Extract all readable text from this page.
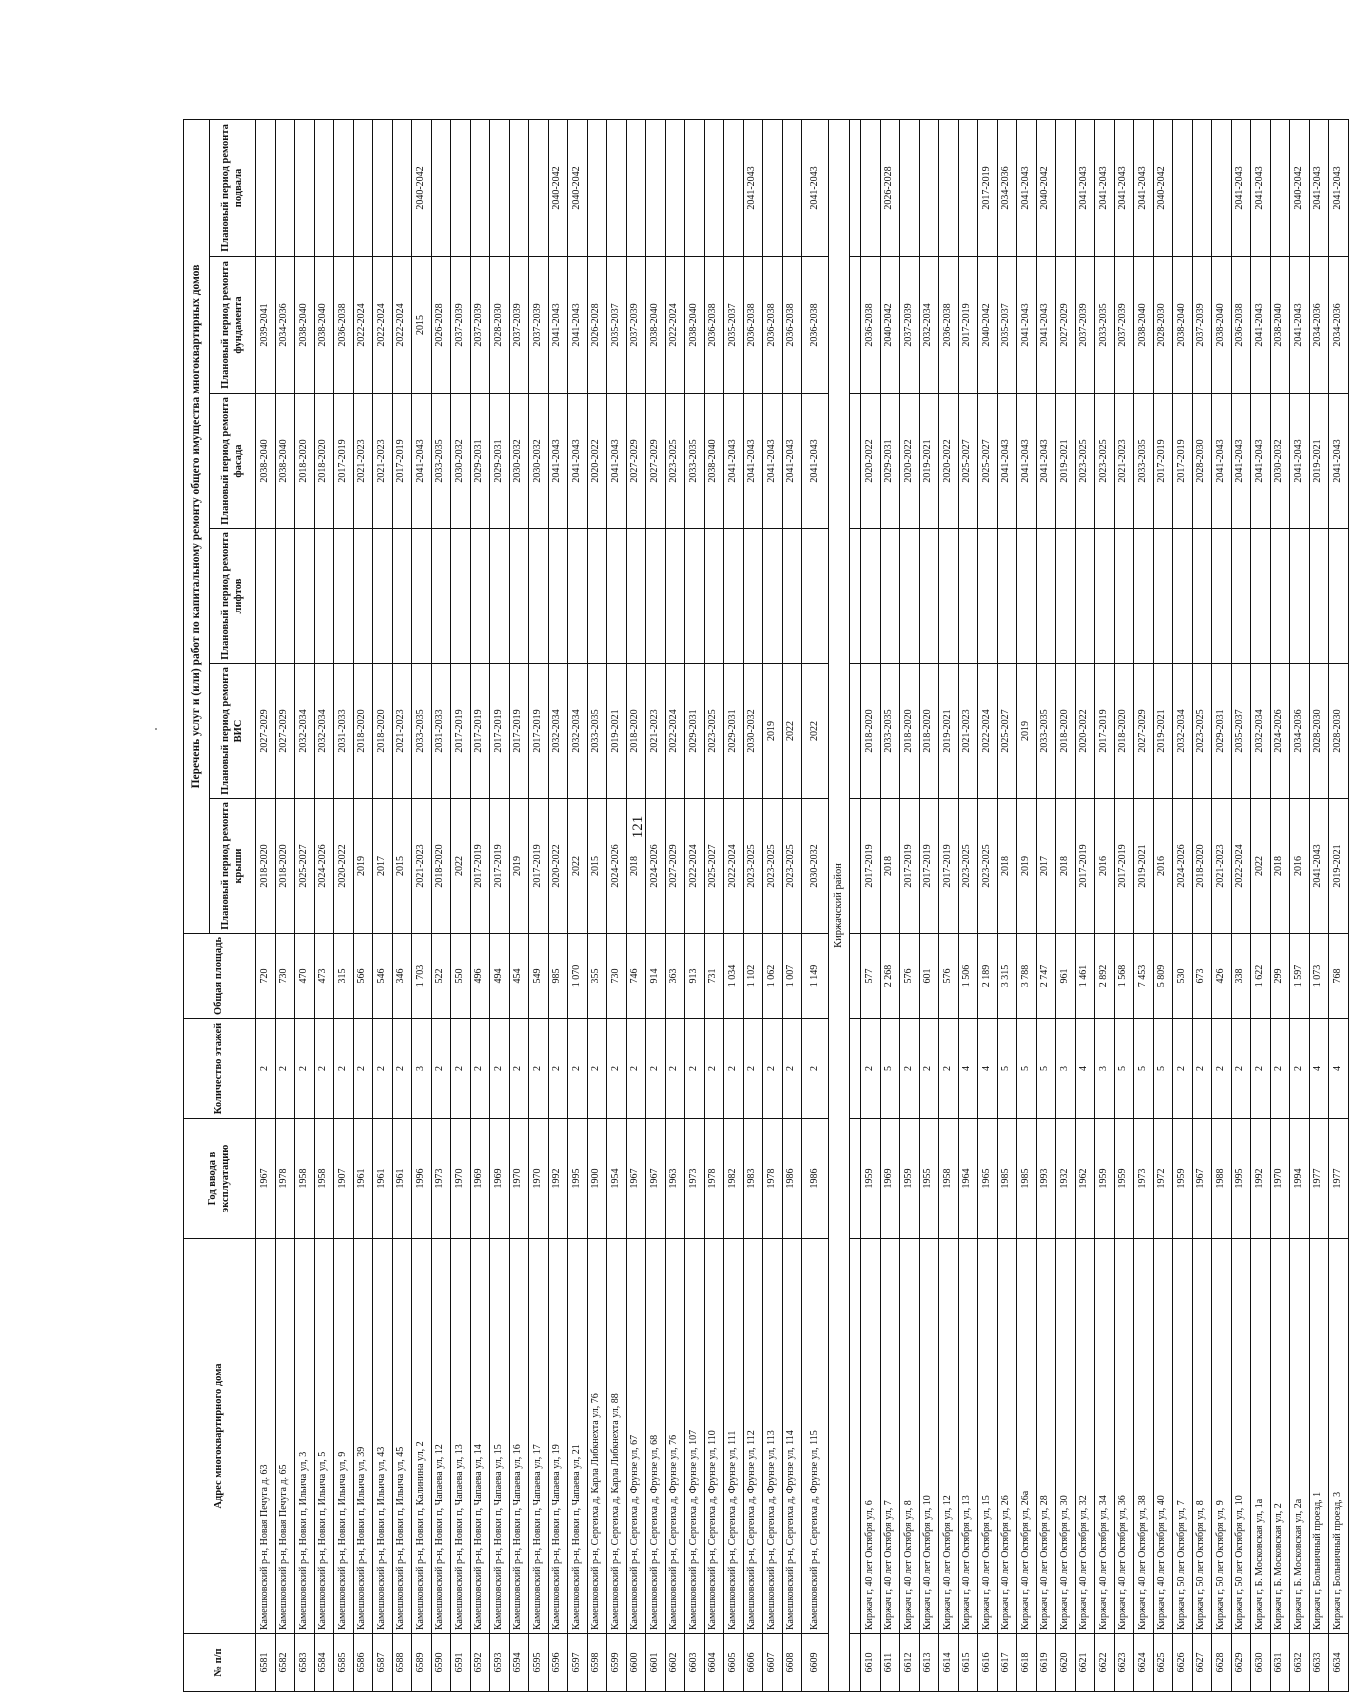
121
№ п/п	Адрес многоквартирного дома	Год ввода в эксплуатацию	Количество этажей	Общая площадь	Перечень услуг и (или) работ по капитальному ремонту общего имущества многоквартирных домов					
					Плановый период ремонта крыши	Плановый период ремонта ВИС	Плановый период ремонта лифтов	Плановый период ремонта фасада	Плановый период ремонта фундамента	Плановый период ремонта подвала
6581	Камешковский р-н, Новая Печуга д. 63	1967	2	720	2018-2020	2027-2029		2038-2040	2039-2041	
6582	Камешковский р-н, Новая Печуга д. 65	1978	2	730	2018-2020	2027-2029		2038-2040	2034-2036	
6583	Камешковский р-н, Новки п, Ильича ул, 3	1958	2	470	2025-2027	2032-2034		2018-2020	2038-2040	
6584	Камешковский р-н, Новки п, Ильича ул, 5	1958	2	473	2024-2026	2032-2034		2018-2020	2038-2040	
6585	Камешковский р-н, Новки п, Ильича ул, 9	1907	2	315	2020-2022	2031-2033		2017-2019	2036-2038	
6586	Камешковский р-н, Новки п, Ильича ул, 39	1961	2	566	2019	2018-2020		2021-2023	2022-2024	
6587	Камешковский р-н, Новки п, Ильича ул, 43	1961	2	546	2017	2018-2020		2021-2023	2022-2024	
6588	Камешковский р-н, Новки п, Ильича ул, 45	1961	2	346	2015	2021-2023		2017-2019	2022-2024	
6589	Камешковский р-н, Новки п, Калинина ул, 2	1996	3	1 703	2021-2023	2033-2035		2041-2043	2015	2040-2042
6590	Камешковский р-н, Новки п, Чапаева ул, 12	1973	2	522	2018-2020	2031-2033		2033-2035	2026-2028	
6591	Камешковский р-н, Новки п, Чапаева ул, 13	1970	2	550	2022	2017-2019		2030-2032	2037-2039	
6592	Камешковский р-н, Новки п, Чапаева ул, 14	1969	2	496	2017-2019	2017-2019		2029-2031	2037-2039	
6593	Камешковский р-н, Новки п, Чапаева ул, 15	1969	2	494	2017-2019	2017-2019		2029-2031	2028-2030	
6594	Камешковский р-н, Новки п, Чапаева ул, 16	1970	2	454	2019	2017-2019		2030-2032	2037-2039	
6595	Камешковский р-н, Новки п, Чапаева ул, 17	1970	2	549	2017-2019	2017-2019		2030-2032	2037-2039	
6596	Камешковский р-н, Новки п, Чапаева ул, 19	1992	2	985	2020-2022	2032-2034		2041-2043	2041-2043	2040-2042
6597	Камешковский р-н, Новки п, Чапаева ул, 21	1995	2	1 070	2022	2032-2034		2041-2043	2041-2043	2040-2042
6598	Камешковский р-н, Сергеиха д, Карла Либкнехта ул, 76	1900	2	355	2015	2033-2035		2020-2022	2026-2028	
6599	Камешковский р-н, Сергеиха д, Карла Либкнехта ул, 88	1954	2	730	2024-2026	2019-2021		2041-2043	2035-2037	
6600	Камешковский р-н, Сергеиха д, Фрунзе ул, 67	1967	2	746	2018	2018-2020		2027-2029	2037-2039	
6601	Камешковский р-н, Сергеиха д, Фрунзе ул, 68	1967	2	914	2024-2026	2021-2023		2027-2029	2038-2040	
6602	Камешковский р-н, Сергеиха д, Фрунзе ул, 76	1963	2	363	2027-2029	2022-2024		2023-2025	2022-2024	
6603	Камешковский р-н, Сергеиха д, Фрунзе ул, 107	1973	2	913	2022-2024	2029-2031		2033-2035	2038-2040	
6604	Камешковский р-н, Сергеиха д, Фрунзе ул, 110	1978	2	731	2025-2027	2023-2025		2038-2040	2036-2038	
6605	Камешковский р-н, Сергеиха д, Фрунзе ул, 111	1982	2	1 034	2022-2024	2029-2031		2041-2043	2035-2037	
6606	Камешковский р-н, Сергеиха д, Фрунзе ул, 112	1983	2	1 102	2023-2025	2030-2032		2041-2043	2036-2038	2041-2043
6607	Камешковский р-н, Сергеиха д, Фрунзе ул, 113	1978	2	1 062	2023-2025	2019		2041-2043	2036-2038	
6608	Камешковский р-н, Сергеиха д, Фрунзе ул, 114	1986	2	1 007	2023-2025	2022		2041-2043	2036-2038	
6609	Камешковский р-н, Сергеиха д, Фрунзе ул, 115	1986	2	1 149	2030-2032	2022		2041-2043	2036-2038	2041-2043
Киржачский район										

6610	Киржач г, 40 лет Октября ул, 6	1959	2	577	2017-2019	2018-2020		2020-2022	2036-2038	
6611	Киржач г, 40 лет Октября ул, 7	1969	5	2 268	2018	2033-2035		2029-2031	2040-2042	2026-2028
6612	Киржач г, 40 лет Октября ул, 8	1959	2	576	2017-2019	2018-2020		2020-2022	2037-2039	
6613	Киржач г, 40 лет Октября ул, 10	1955	2	601	2017-2019	2018-2020		2019-2021	2032-2034	
6614	Киржач г, 40 лет Октября ул, 12	1958	2	576	2017-2019	2019-2021		2020-2022	2036-2038	
6615	Киржач г, 40 лет Октября ул, 13	1964	4	1 506	2023-2025	2021-2023		2025-2027	2017-2019	
6616	Киржач г, 40 лет Октября ул, 15	1965	4	2 189	2023-2025	2022-2024		2025-2027	2040-2042	2017-2019
6617	Киржач г, 40 лет Октября ул, 26	1985	5	3 315	2018	2025-2027		2041-2043	2035-2037	2034-2036
6618	Киржач г, 40 лет Октября ул, 26а	1985	5	3 788	2019	2019		2041-2043	2041-2043	2041-2043
6619	Киржач г, 40 лет Октября ул, 28	1993	5	2 747	2017	2033-2035		2041-2043	2041-2043	2040-2042
6620	Киржач г, 40 лет Октября ул, 30	1932	3	961	2018	2018-2020		2019-2021	2027-2029	
6621	Киржач г, 40 лет Октября ул, 32	1962	4	1 461	2017-2019	2020-2022		2023-2025	2037-2039	2041-2043
6622	Киржач г, 40 лет Октября ул, 34	1959	3	2 892	2016	2017-2019		2023-2025	2033-2035	2041-2043
6623	Киржач г, 40 лет Октября ул, 36	1959	5	1 568	2017-2019	2018-2020		2021-2023	2037-2039	2041-2043
6624	Киржач г, 40 лет Октября ул, 38	1973	5	7 453	2019-2021	2027-2029		2033-2035	2038-2040	2041-2043
6625	Киржач г, 40 лет Октября ул, 40	1972	5	5 809	2016	2019-2021		2017-2019	2028-2030	2040-2042
6626	Киржач г, 50 лет Октября ул, 7	1959	2	530	2024-2026	2032-2034		2017-2019	2038-2040	
6627	Киржач г, 50 лет Октября ул, 8	1967	2	673	2018-2020	2023-2025		2028-2030	2037-2039	
6628	Киржач г, 50 лет Октября ул, 9	1988	2	426	2021-2023	2029-2031		2041-2043	2038-2040	
6629	Киржач г, 50 лет Октября ул, 10	1995	2	338	2022-2024	2035-2037		2041-2043	2036-2038	2041-2043
6630	Киржач г, Б. Московская ул, 1а	1992	2	1 622	2022	2032-2034		2041-2043	2041-2043	2041-2043
6631	Киржач г, Б. Московская ул, 2	1970	2	299	2018	2024-2026		2030-2032	2038-2040	
6632	Киржач г, Б. Московская ул, 2а	1994	2	1 597	2016	2034-2036		2041-2043	2041-2043	2040-2042
6633	Киржач г, Больничный проезд, 1	1977	4	1 073	2041-2043	2028-2030		2019-2021	2034-2036	2041-2043
6634	Киржач г, Больничный проезд, 3	1977	4	768	2019-2021	2028-2030		2041-2043	2034-2036	2041-2043
